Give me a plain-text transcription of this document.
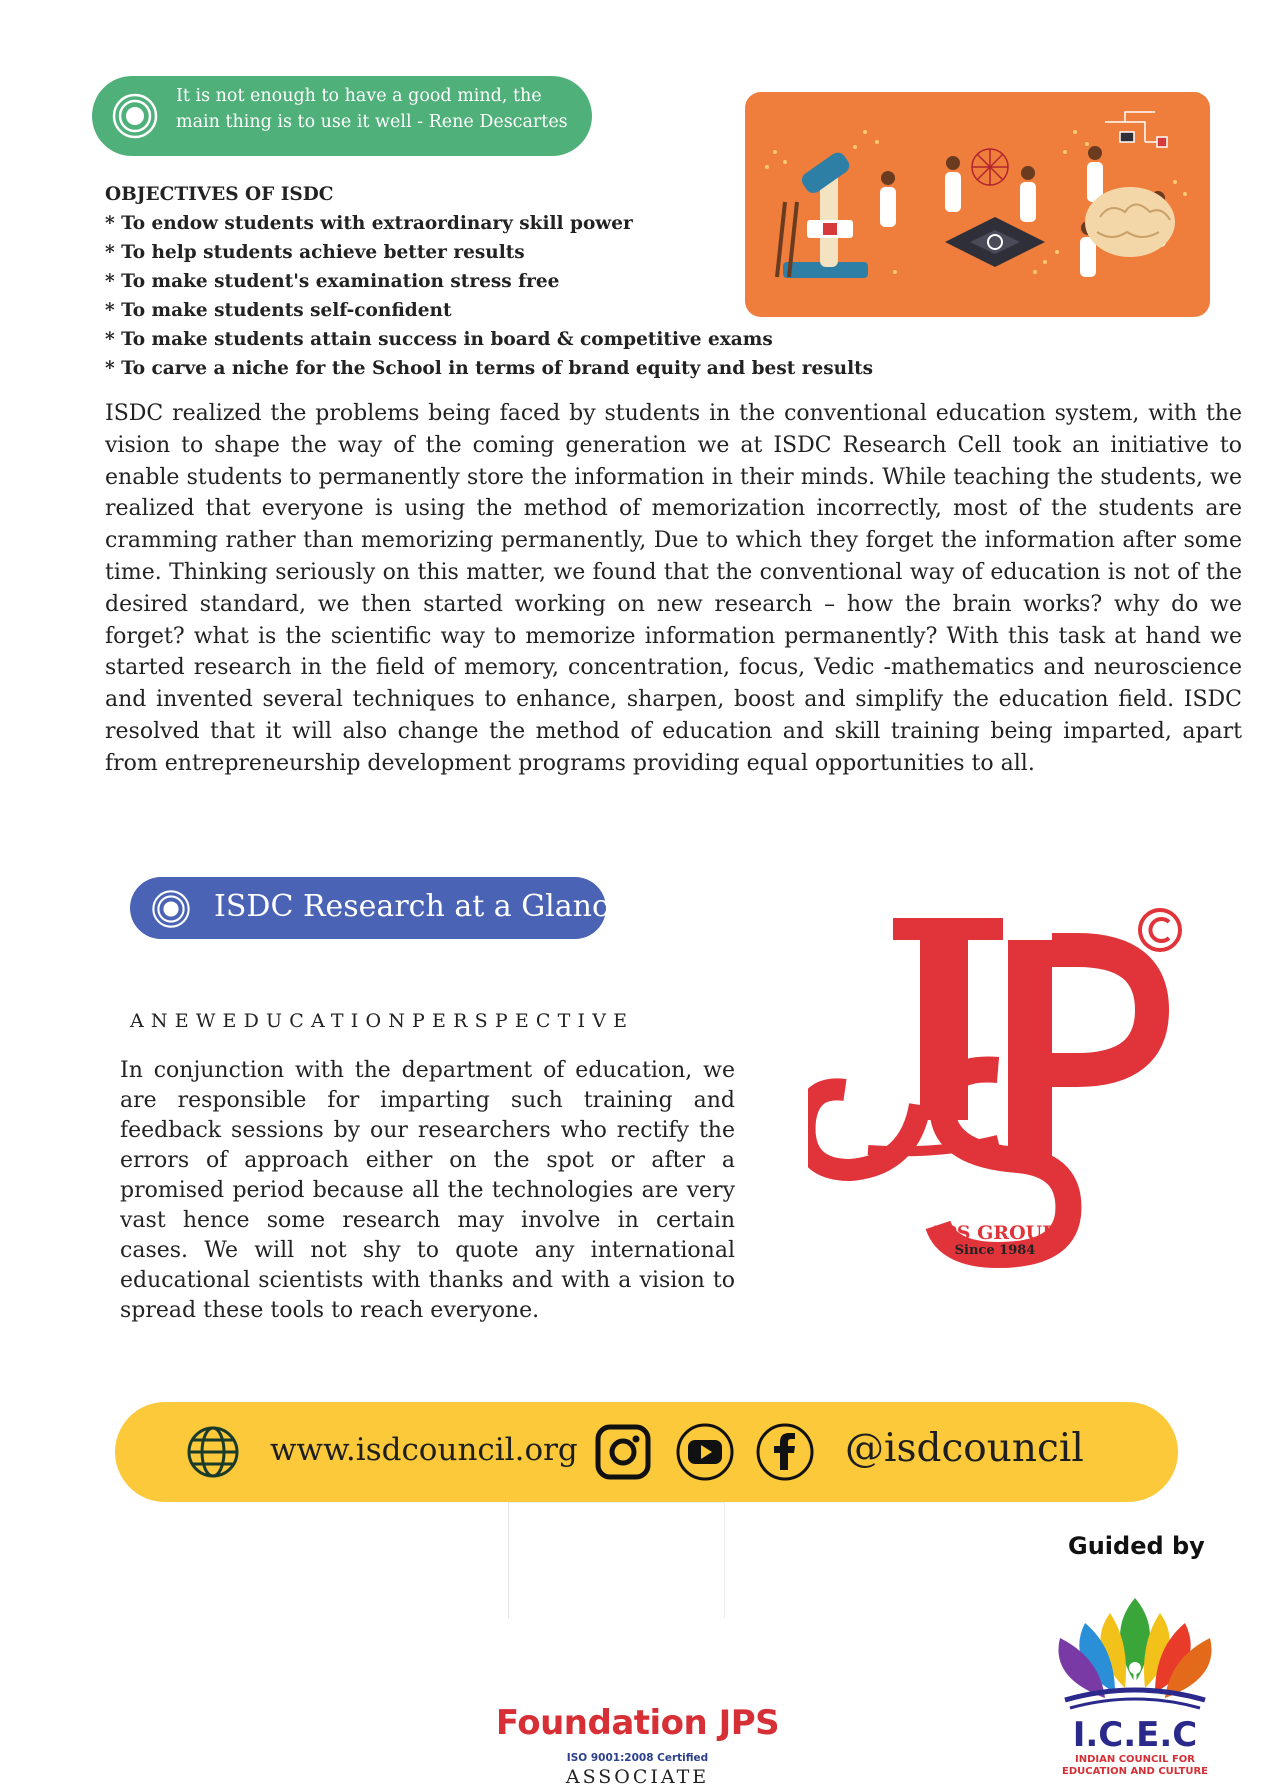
It is not enough to have a good mind, the main thing is to use it well - Rene Descartes
OBJECTIVES OF ISDC
* To endow students with extraordinary skill power
* To help students achieve better results
* To make student's examination stress free
* To make students self-confident
* To make students attain success in board & competitive exams
* To carve a niche for the School in terms of brand equity and best results
ISDC realized the problems being faced by students in the conventional education system, with the vision to shape the way of the coming generation we at ISDC Research Cell took an initiative to enable students to permanently store the information in their minds. While teaching the students, we realized that everyone is using the method of memorization incorrectly, most of the students are cramming rather than memorizing permanently, Due to which they forget the information after some time. Thinking seriously on this matter, we found that the conventional way of education is not of the desired standard, we then started working on new research – how the brain works? why do we forget? what is the scientific way to memorize information permanently? With this task at hand we started research in the field of memory, concentration, focus, Vedic -mathematics and neuroscience and invented several techniques to enhance, sharpen, boost and simplify the education field. ISDC resolved that it will also change the method of education and skill training being imparted, apart from entrepreneurship development programs providing equal opportunities to all.
ISDC Research at a Glance
ANEWEDUCATIONPERSPECTIVE
In conjunction with the department of education, we are responsible for imparting such training and feedback sessions by our researchers who rectify the errors of approach either on the spot or after a promised period because all the technologies are very vast hence some research may involve in certain cases. We will not shy to quote any international educational scientists with thanks and with a vision to spread these tools to reach everyone.
JPS GROUP
Since 1984
www.isdcouncil.org	@isdcouncil
Guided by
I.C.E.C
INDIAN COUNCIL FOR
EDUCATION AND CULTURE
Foundation JPS
ISO 9001:2008 Certified
ASSOCIATE
